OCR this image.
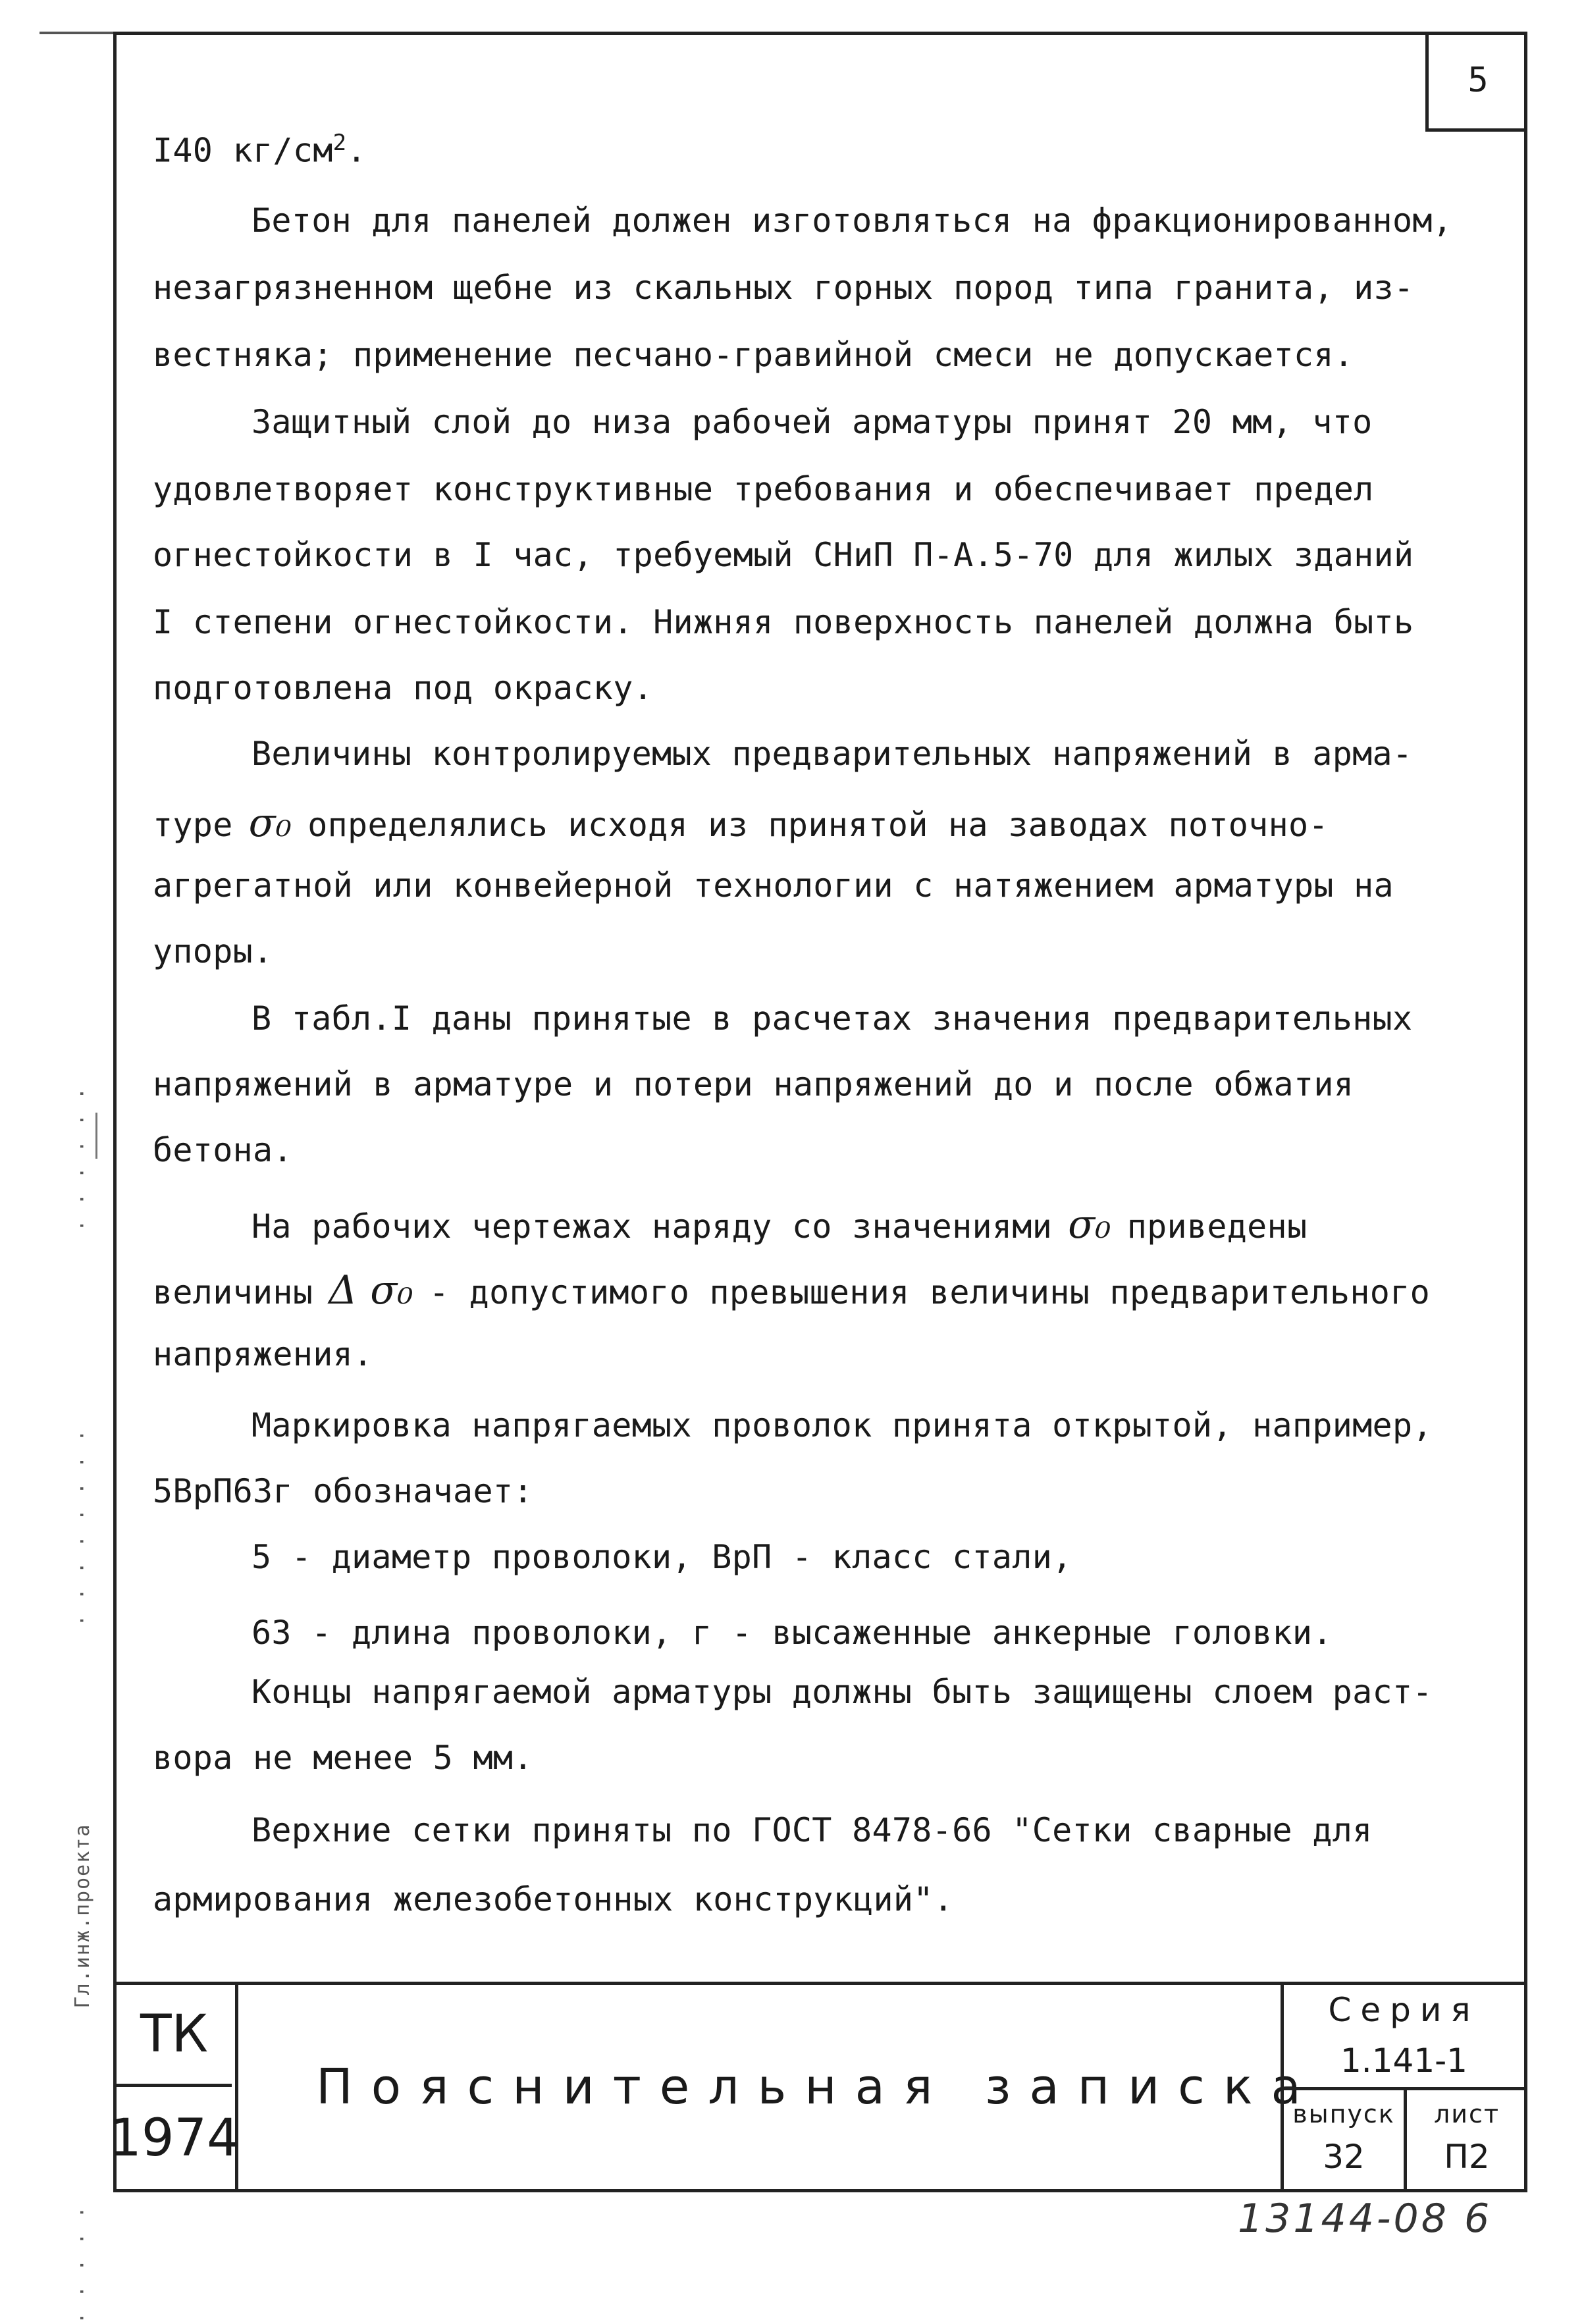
5
· · · · ·
Гл.инж.проекта
· · · · · · · ·
· · · · · ·
I40 $кг/см^2$.
Бетон для панелей должен изготовляться на фракционированном,
незагрязненном щебне из скальных горных пород типа гранита, из-
вестняка; применение песчано-гравийной смеси не допускается.
Защитный слой до низа рабочей арматуры принят 20 мм, что
удовлетворяет конструктивные требования и обеспечивает предел
огнестойкости в I час, требуемый СНиП П-А.5-70 для жилых зданий
I степени огнестойкости. Нижняя поверхность панелей должна быть
подготовлена под окраску.
Величины контролируемых предварительных напряжений в арма-
туре σ₀ определялись исходя из принятой на заводах поточно-
агрегатной или конвейерной технологии с натяжением арматуры на
упоры.
В табл.I даны принятые в расчетах значения предварительных
напряжений в арматуре и потери напряжений до и после обжатия
бетона.
На рабочих чертежах наряду со значениями σ₀ приведены
величины Δ σ₀ - допустимого превышения величины предварительного
напряжения.
Маркировка напрягаемых проволок принята открытой, например,
5ВрП63г обозначает:
5 - диаметр проволоки, ВрП - класс стали,
63 - длина проволоки, г - высаженные анкерные головки.
Концы напрягаемой арматуры должны быть защищены слоем раст-
вора не менее 5 мм.
Верхние сетки приняты по ГОСТ 8478-66 "Сетки сварные для
армирования железобетонных конструкций".
ТК
1974
Пояснительная записка
Серия
1.141-1
выпуск
32
лист
П2
13144-08 6
